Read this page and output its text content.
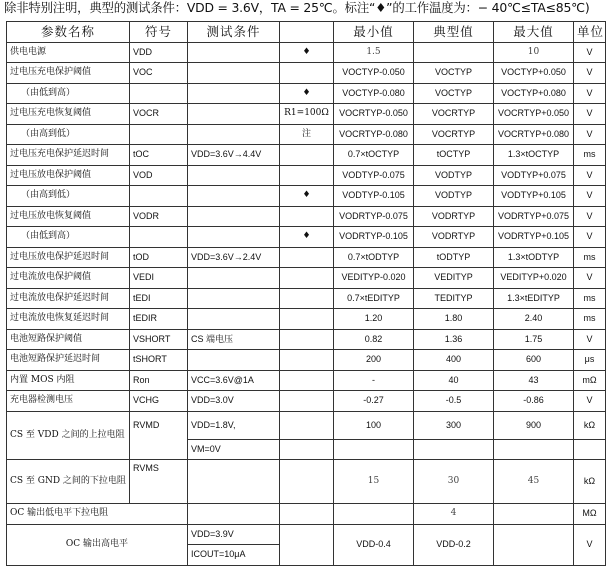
除非特别注明，典型的测试条件：VDD = 3.6V，TA = 25℃。标注“♦”的工作温度为：− 40℃≤TA≤85℃)
参数名称	符号	测试条件		最小值	典型值	最大值	单位
供电电源	VDD		♦	1.5		10	V
过电压充电保护阈值	VOC			VOCTYP-0.050	VOCTYP	VOCTYP+0.050	V
（由低到高）			♦	VOCTYP-0.080	VOCTYP	VOCTYP+0.080	V
过电压充电恢复阈值	VOCR		R1=100Ω	VOCRTYP-0.050	VOCRTYP	VOCRTYP+0.050	V
（由高到低）			注	VOCRTYP-0.080	VOCRTYP	VOCRTYP+0.080	V
过电压充电保护延迟时间	tOC	VDD=3.6V→4.4V		0.7×tOCTYP	tOCTYP	1.3×tOCTYP	ms
过电压放电保护阈值	VOD			VODTYP-0.075	VODTYP	VODTYP+0.075	V
（由高到低）			♦	VODTYP-0.105	VODTYP	VODTYP+0.105	V
过电压放电恢复阈值	VODR			VODRTYP-0.075	VODRTYP	VODRTYP+0.075	V
（由低到高）			♦	VODRTYP-0.105	VODRTYP	VODRTYP+0.105	V
过电压放电保护延迟时间	tOD	VDD=3.6V→2.4V		0.7×tODTYP	tODTYP	1.3×tODTYP	ms
过电流放电保护阈值	VEDI			VEDITYP-0.020	VEDITYP	VEDITYP+0.020	V
过电流放电保护延迟时间	tEDI			0.7×tEDITYP	TEDITYP	1.3×tEDITYP	ms
过电流放电恢复延迟时间	tEDIR			1.20	1.80	2.40	ms
电池短路保护阈值	VSHORT	CS 端电压		0.82	1.36	1.75	V
电池短路保护延迟时间	tSHORT			200	400	600	μs
内置 MOS 内阻	Ron	VCC=3.6V@1A		-	40	43	mΩ
充电器检测电压	VCHG	VDD=3.0V		-0.27	-0.5	-0.86	V
CS 至 VDD 之间的上拉电阻	RVMD	VDD=1.8V,		100	300	900	kΩ
		VM=0V					
CS 至 GND 之间的下拉电阻	RVMS			15	30	45	kΩ
OC 输出低电平下拉电阻					4		MΩ
OC 输出高电平		VDD=3.9V		VDD-0.4	VDD-0.2		V
		ICOUT=10μA					
